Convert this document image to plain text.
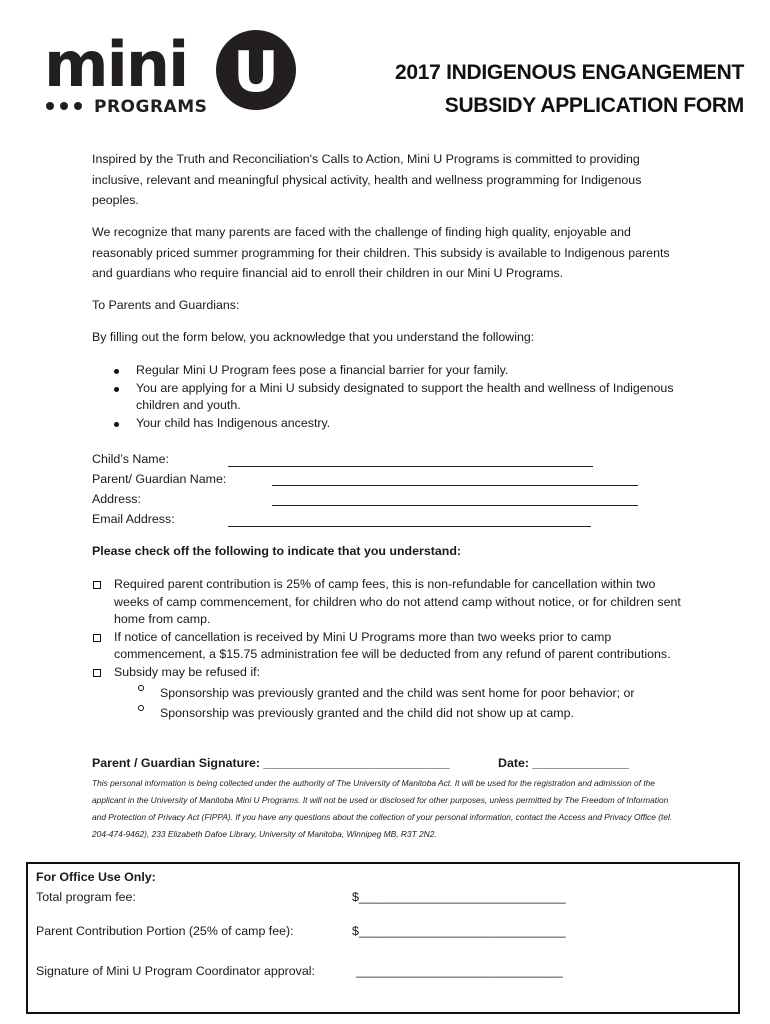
mini U
PROGRAMS
2017 INDIGENOUS ENGANGEMENT
SUBSIDY APPLICATION FORM

Inspired by the Truth and Reconciliation's Calls to Action, Mini U Programs is committed to providing inclusive, relevant and meaningful physical activity, health and wellness programming for Indigenous peoples.

We recognize that many parents are faced with the challenge of finding high quality, enjoyable and reasonably priced summer programming for their children. This subsidy is available to Indigenous parents and guardians who require financial aid to enroll their children in our Mini U Programs.

To Parents and Guardians:

By filling out the form below, you acknowledge that you understand the following:

Regular Mini U Program fees pose a financial barrier for your family.
You are applying for a Mini U subsidy designated to support the health and wellness of Indigenous children and youth.
Your child has Indigenous ancestry.
Child’s Name:
Parent/ Guardian Name:
Address:
Email Address:
Please check off the following to indicate that you understand:
Required parent contribution is 25% of camp fees, this is non-refundable for cancellation within two weeks of camp commencement, for children who do not attend camp without notice, or for children sent home from camp.
If notice of cancellation is received by Mini U Programs more than two weeks prior to camp commencement, a $15.75 administration fee will be deducted from any refund of parent contributions.
Subsidy may be refused if:
Sponsorship was previously granted and the child was sent home for poor behavior; or
Sponsorship was previously granted and the child did not show up at camp.
Parent / Guardian Signature: ___________________________	Date: ______________
This personal information is being collected under the authority of The University of Manitoba Act. It will be used for the registration and admission of the applicant in the University of Manitoba Mini U Programs. It will not be used or disclosed for other purposes, unless permitted by The Freedom of Information and Protection of Privacy Act (FIPPA). If you have any questions about the collection of your personal information, contact the Access and Privacy Office (tel. 204-474-9462), 233 Elizabeth Dafoe Library, University of Manitoba, Winnipeg MB, R3T 2N2.
For Office Use Only:
Total program fee:	$______________________________
Parent Contribution Portion (25% of camp fee):	$______________________________
Signature of Mini U Program Coordinator approval:	______________________________
